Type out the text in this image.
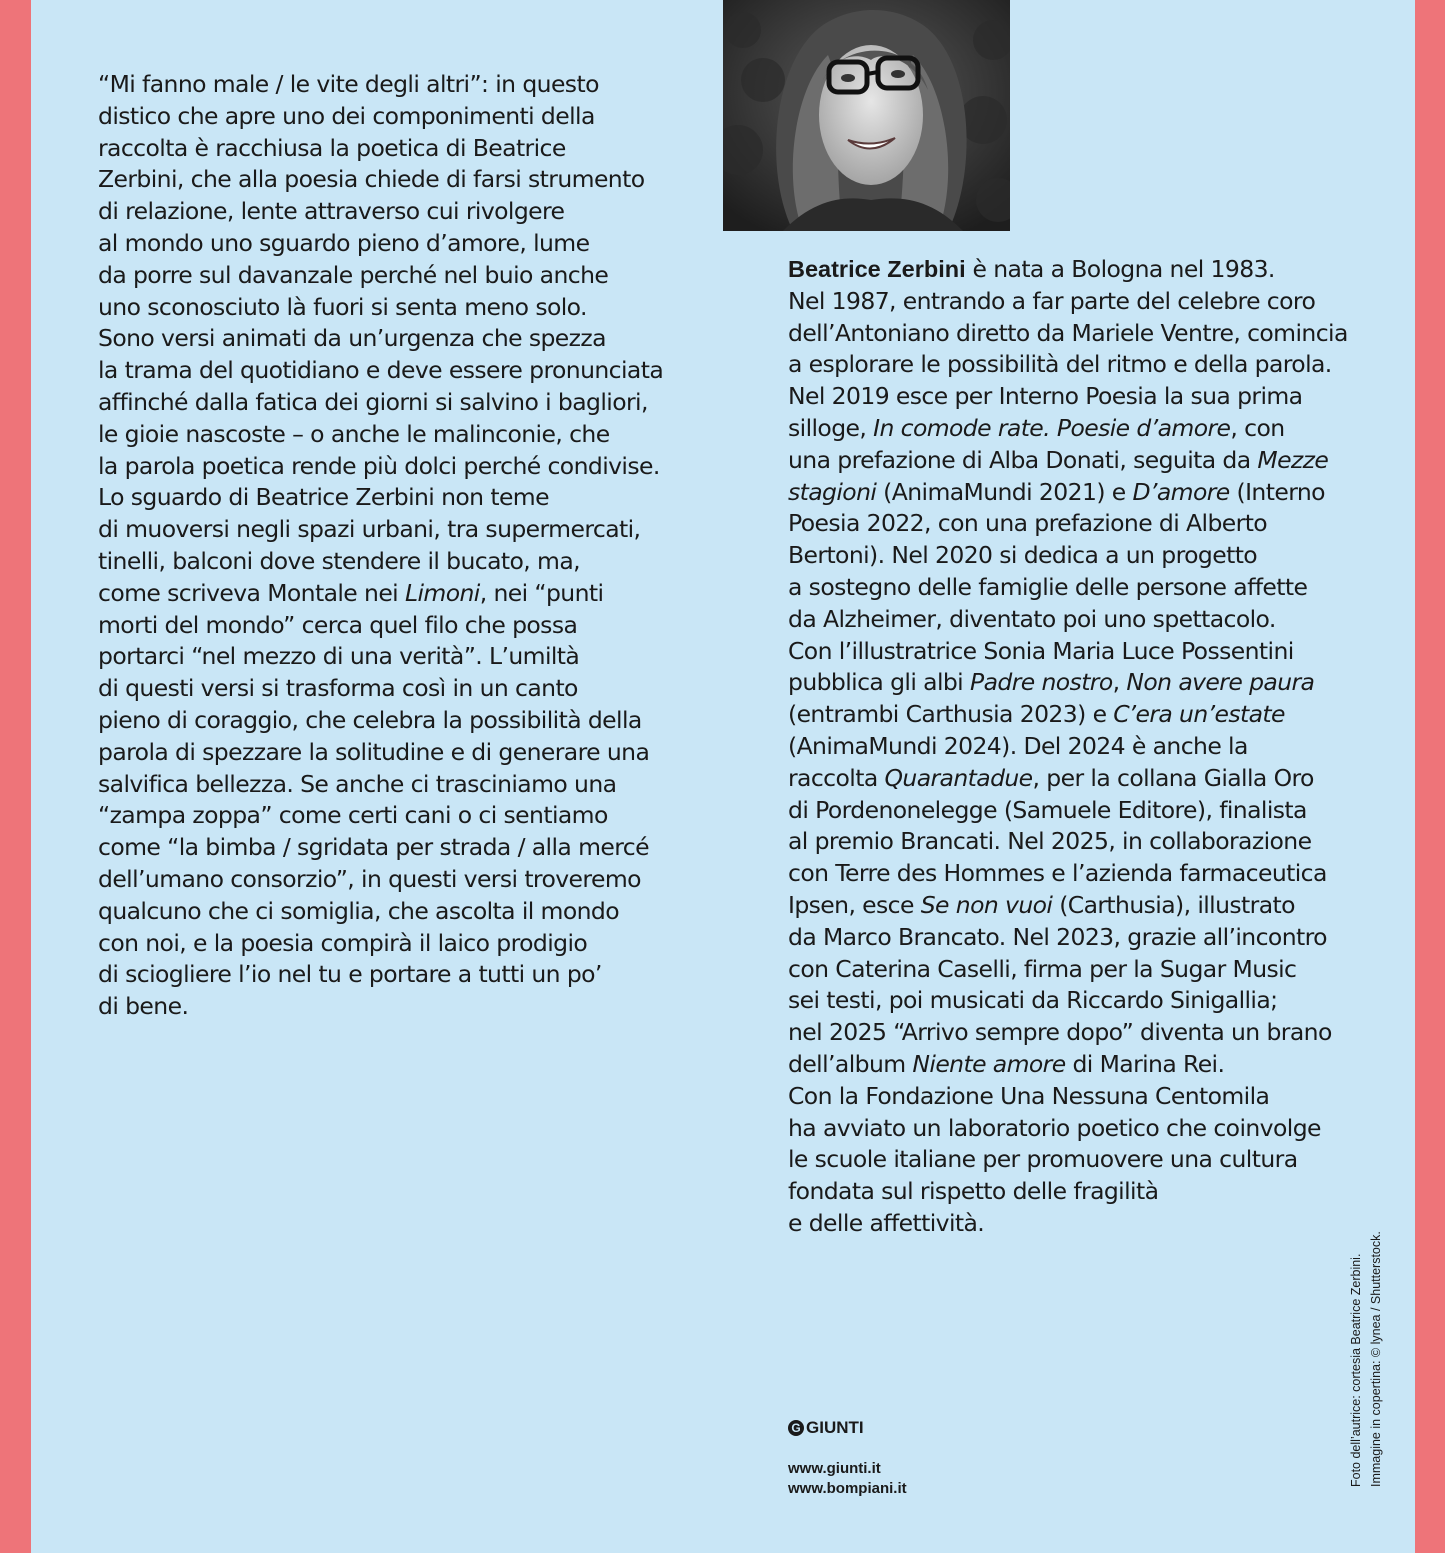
“Mi fanno male / le vite degli altri”: in questo
distico che apre uno dei componimenti della
raccolta è racchiusa la poetica di Beatrice
Zerbini, che alla poesia chiede di farsi strumento
di relazione, lente attraverso cui rivolgere
al mondo uno sguardo pieno d’amore, lume
da porre sul davanzale perché nel buio anche
uno sconosciuto là fuori si senta meno solo.
Sono versi animati da un’urgenza che spezza
la trama del quotidiano e deve essere pronunciata
affinché dalla fatica dei giorni si salvino i bagliori,
le gioie nascoste – o anche le malinconie, che
la parola poetica rende più dolci perché condivise.
Lo sguardo di Beatrice Zerbini non teme
di muoversi negli spazi urbani, tra supermercati,
tinelli, balconi dove stendere il bucato, ma,
come scriveva Montale nei Limoni, nei “punti
morti del mondo” cerca quel filo che possa
portarci “nel mezzo di una verità”. L’umiltà
di questi versi si trasforma così in un canto
pieno di coraggio, che celebra la possibilità della
parola di spezzare la solitudine e di generare una
salvifica bellezza. Se anche ci trasciniamo una
“zampa zoppa” come certi cani o ci sentiamo
come “la bimba / sgridata per strada / alla mercé
dell’umano consorzio”, in questi versi troveremo
qualcuno che ci somiglia, che ascolta il mondo
con noi, e la poesia compirà il laico prodigio
di sciogliere l’io nel tu e portare a tutti un po’
di bene.
Beatrice Zerbini è nata a Bologna nel 1983.
Nel 1987, entrando a far parte del celebre coro
dell’Antoniano diretto da Mariele Ventre, comincia
a esplorare le possibilità del ritmo e della parola.
Nel 2019 esce per Interno Poesia la sua prima
silloge, In comode rate. Poesie d’amore, con
una prefazione di Alba Donati, seguita da Mezze
stagioni (AnimaMundi 2021) e D’amore (Interno
Poesia 2022, con una prefazione di Alberto
Bertoni). Nel 2020 si dedica a un progetto
a sostegno delle famiglie delle persone affette
da Alzheimer, diventato poi uno spettacolo.
Con l’illustratrice Sonia Maria Luce Possentini
pubblica gli albi Padre nostro, Non avere paura
(entrambi Carthusia 2023) e C’era un’estate
(AnimaMundi 2024). Del 2024 è anche la
raccolta Quarantadue, per la collana Gialla Oro
di Pordenonelegge (Samuele Editore), finalista
al premio Brancati. Nel 2025, in collaborazione
con Terre des Hommes e l’azienda farmaceutica
Ipsen, esce Se non vuoi (Carthusia), illustrato
da Marco Brancato. Nel 2023, grazie all’incontro
con Caterina Caselli, firma per la Sugar Music
sei testi, poi musicati da Riccardo Sinigallia;
nel 2025 “Arrivo sempre dopo” diventa un brano
dell’album Niente amore di Marina Rei.
Con la Fondazione Una Nessuna Centomila
ha avviato un laboratorio poetico che coinvolge
le scuole italiane per promuovere una cultura
fondata sul rispetto delle fragilità
e delle affettività.
G GIUNTI
www.giunti.it
www.bompiani.it
Foto dell’autrice: cortesia Beatrice Zerbini. Immagine in copertina: © lynea / Shutterstock.
